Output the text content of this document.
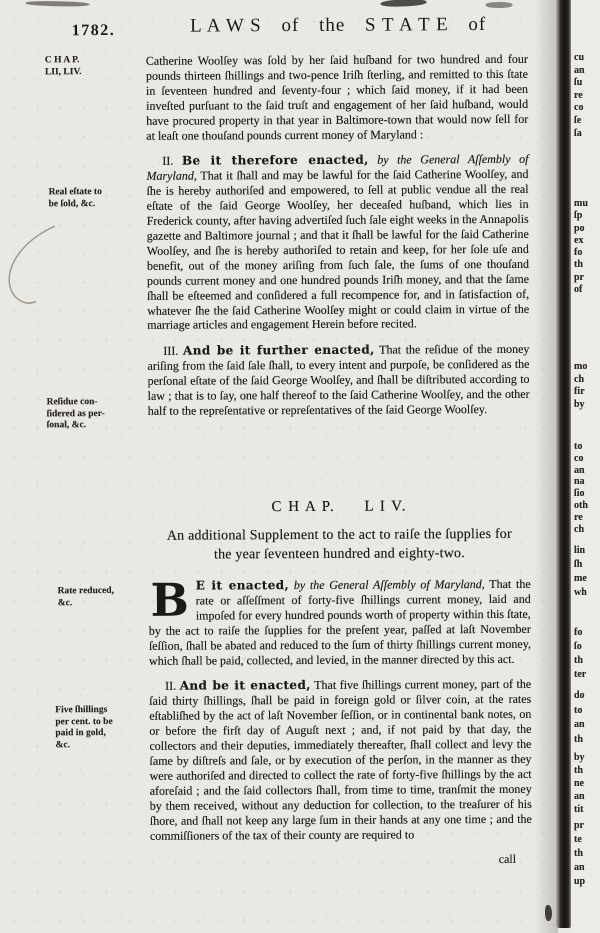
1782.	L A W S of the S T A T E of
C H A P.
LII, LIV.
Real eſtate to
be ſold, &c.
Reſidue con-
ſidered as per-
ſonal, &c.
Rate reduced,
&c.
Five ſhillings
per cent. to be
paid in gold,
&c.

Catherine Woolſey was ſold by her ſaid huſband for two hundred and four pounds thirteen ſhillings and two-pence Iriſh ſterling, and remitted to this ſtate in ſeventeen hundred and ſeventy-four ; which ſaid money, if it had been inveſted purſuant to the ſaid truſt and engagement of her ſaid huſband, would have procured property in that year in Baltimore-town that would now ſell for at leaſt one thouſand pounds current money of Maryland :

II. Be it therefore enacted, by the General Aſſembly of Maryland, That it ſhall and may be lawful for the ſaid Catherine Woolſey, and ſhe is hereby authoriſed and empowered, to ſell at public vendue all the real eſtate of the ſaid George Woolſey, her deceaſed huſband, which lies in Frederick county, after having advertiſed ſuch ſale eight weeks in the Annapolis gazette and Baltimore journal ; and that it ſhall be lawful for the ſaid Catherine Woolſey, and ſhe is hereby authoriſed to retain and keep, for her ſole uſe and benefit, out of the money ariſing from ſuch ſale, the ſums of one thouſand pounds current money and one hundred pounds Iriſh money, and that the ſame ſhall be eſteemed and conſidered a full recompence for, and in ſatisfaction of, whatever ſhe the ſaid Catherine Woolſey might or could claim in virtue of the marriage articles and engagement Herein before recited.

III. And be it further enacted, That the reſidue of the money ariſing from the ſaid ſale ſhall, to every intent and purpoſe, be conſidered as the perſonal eſtate of the ſaid George Woolſey, and ſhall be diſtributed according to law ; that is to ſay, one half thereof to the ſaid Catherine Woolſey, and the other half to the repreſentative or repreſentatives of the ſaid George Woolſey.

C H A P. L I V.

An additional Supplement to the act to raiſe the ſupplies for
the year ſeventeen hundred and eighty-two.

B E it enacted, by the General Aſſembly of Maryland, That the rate or aſſeſſment of forty-five ſhillings current money, laid and impoſed for every hundred pounds worth of property within this ſtate, by the act to raiſe the ſupplies for the preſent year, paſſed at laſt November ſeſſion, ſhall be abated and reduced to the ſum of thirty ſhillings current money, which ſhall be paid, collected, and levied, in the manner directed by this act.

II. And be it enacted, That five ſhillings current money, part of the ſaid thirty ſhillings, ſhall be paid in foreign gold or ſilver coin, at the rates eſtabliſhed by the act of laſt November ſeſſion, or in continental bank notes, on or before the firſt day of Auguſt next ; and, if not paid by that day, the collectors and their deputies, immediately thereafter, ſhall collect and levy the ſame by diſtreſs and ſale, or by execution of the perſon, in the manner as they were authoriſed and directed to collect the rate of forty-five ſhillings by the act aforeſaid ; and the ſaid collectors ſhall, from time to time, tranſmit the money by them received, without any deduction for collection, to the treaſurer of his ſhore, and ſhall not keep any large ſum in their hands at any one time ; and the commiſſioners of the tax of their county are required to

call

cu
an
ſu
re
co
ſe
ſa
mu
ſp
po
ex
fo
th
pr
of
mo
ch
fir
by
to
co
an
na
ſio
oth
re
ch
lin
ſh
me
wh
fo
ſo
th
ter
do
to
an
th
by
th
ne
an
tit
pr
te
th
an
up
